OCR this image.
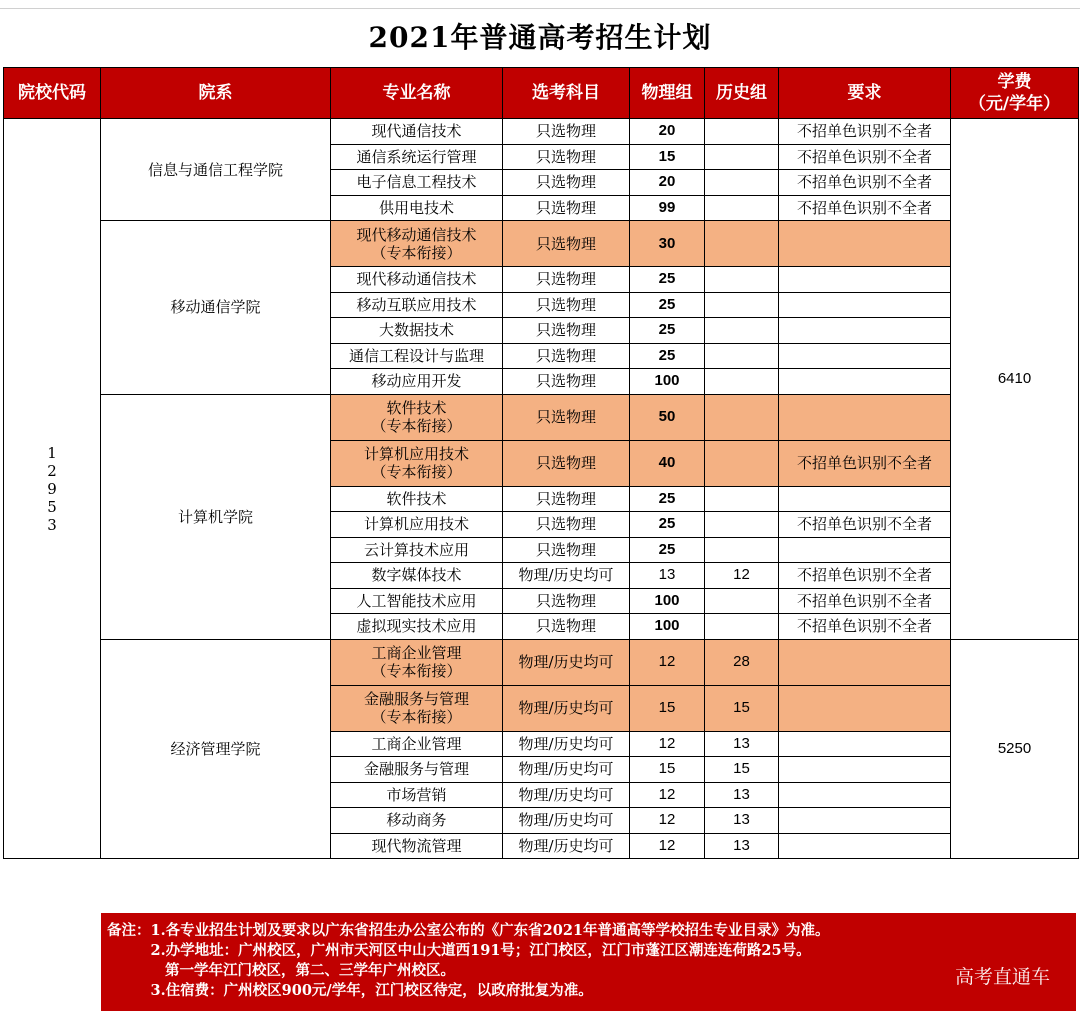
2021年普通高考招生计划
院校代码	院系	专业名称	选考科目	物理组	历史组	要求	学费
（元/学年）

1
2
9
5
3	信息与通信工程学院	现代通信技术	只选物理	20		不招单色识别不全者	6410

		通信系统运行管理	只选物理	15		不招单色识别不全者	

		电子信息工程技术	只选物理	20		不招单色识别不全者	

		供用电技术	只选物理	99		不招单色识别不全者	
	移动通信学院	现代移动通信技术
（专本衔接）	只选物理	30			

		现代移动通信技术	只选物理	25			

		移动互联应用技术	只选物理	25			

		大数据技术	只选物理	25			

		通信工程设计与监理	只选物理	25			

		移动应用开发	只选物理	100			
	计算机学院	软件技术
（专本衔接）	只选物理	50			

		计算机应用技术
（专本衔接）	只选物理	40		不招单色识别不全者	

		软件技术	只选物理	25			

		计算机应用技术	只选物理	25		不招单色识别不全者	

		云计算技术应用	只选物理	25			

		数字媒体技术	物理/历史均可	13	12	不招单色识别不全者	

		人工智能技术应用	只选物理	100		不招单色识别不全者	

		虚拟现实技术应用	只选物理	100		不招单色识别不全者	
	经济管理学院	工商企业管理
（专本衔接）	物理/历史均可	12	28		5250

		金融服务与管理
（专本衔接）	物理/历史均可	15	15		

		工商企业管理	物理/历史均可	12	13		

		金融服务与管理	物理/历史均可	15	15		

		市场营销	物理/历史均可	12	13		

		移动商务	物理/历史均可	12	13		

		现代物流管理	物理/历史均可	12	13		
备注：1.各专业招生计划及要求以广东省招生办公室公布的《广东省2021年普通高等学校招生专业目录》为准。
　　　2.办学地址：广州校区，广州市天河区中山大道西191号；江门校区，江门市蓬江区潮连连荷路25号。
　　　　第一学年江门校区，第二、三学年广州校区。
　　　3.住宿费：广州校区900元/学年，江门校区待定，以政府批复为准。
高考直通车
